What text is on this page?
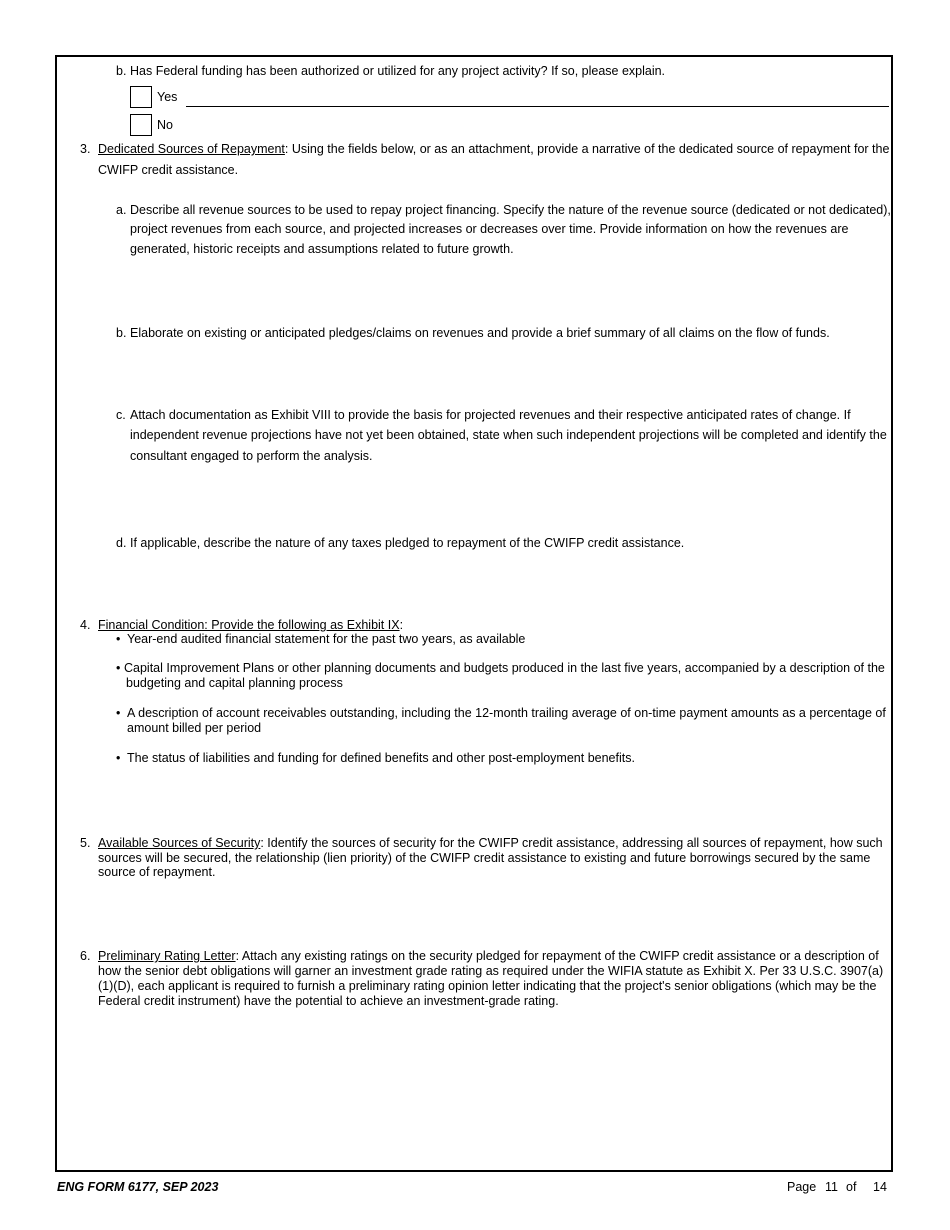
b. Has Federal funding has been authorized or utilized for any project activity? If so, please explain.
Yes
No
3. Dedicated Sources of Repayment: Using the fields below, or as an attachment, provide a narrative of the dedicated source of repayment for the
CWIFP credit assistance.
a. Describe all revenue sources to be used to repay project financing. Specify the nature of the revenue source (dedicated or not dedicated),
project revenues from each source, and projected increases or decreases over time. Provide information on how the revenues are
generated, historic receipts and assumptions related to future growth.
b. Elaborate on existing or anticipated pledges/claims on revenues and provide a brief summary of all claims on the flow of funds.
c. Attach documentation as Exhibit VIII to provide the basis for projected revenues and their respective anticipated rates of change. If
independent revenue projections have not yet been obtained, state when such independent projections will be completed and identify the
consultant engaged to perform the analysis.
d. If applicable, describe the nature of any taxes pledged to repayment of the CWIFP credit assistance.
4. Financial Condition: Provide the following as Exhibit IX:
• Year-end audited financial statement for the past two years, as available
• Capital Improvement Plans or other planning documents and budgets produced in the last five years, accompanied by a description of the
budgeting and capital planning process
• A description of account receivables outstanding, including the 12-month trailing average of on-time payment amounts as a percentage of
amount billed per period
• The status of liabilities and funding for defined benefits and other post-employment benefits.
5. Available Sources of Security: Identify the sources of security for the CWIFP credit assistance, addressing all sources of repayment, how such
sources will be secured, the relationship (lien priority) of the CWIFP credit assistance to existing and future borrowings secured by the same
source of repayment.
6. Preliminary Rating Letter: Attach any existing ratings on the security pledged for repayment of the CWIFP credit assistance or a description of
how the senior debt obligations will garner an investment grade rating as required under the WIFIA statute as Exhibit X. Per 33 U.S.C. 3907(a)
(1)(D), each applicant is required to furnish a preliminary rating opinion letter indicating that the project's senior obligations (which may be the
Federal credit instrument) have the potential to achieve an investment-grade rating.
ENG FORM 6177, SEP 2023	Page 11 of 14
